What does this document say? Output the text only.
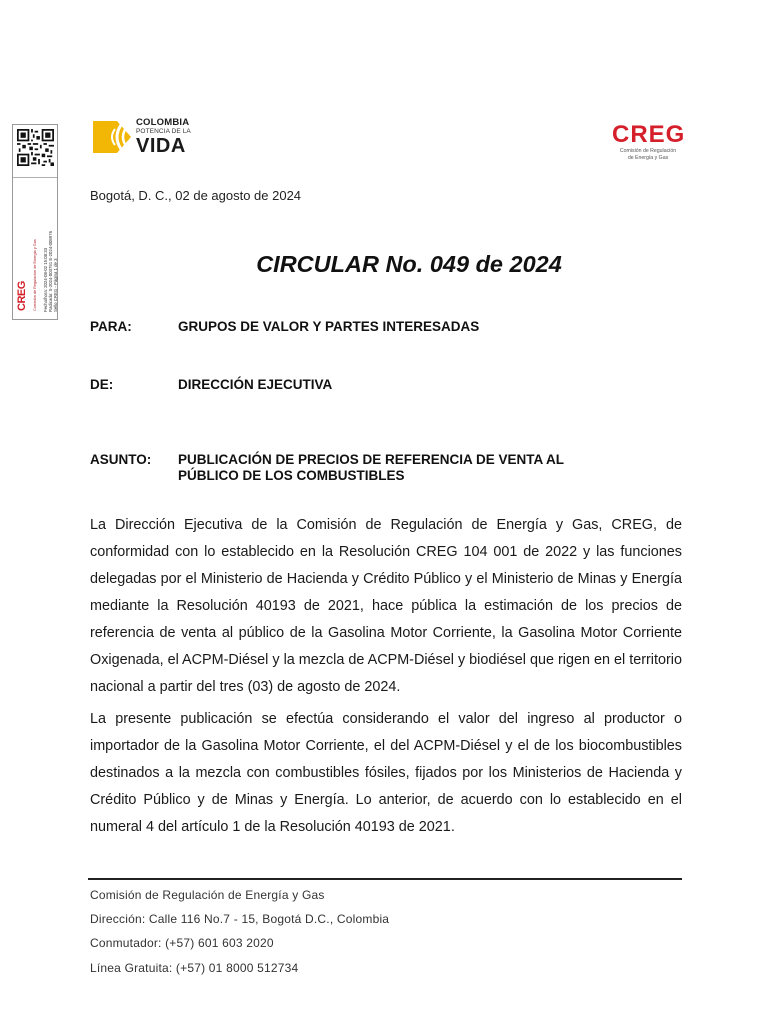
Fecha/hora: 2024-08-02 15:08:33 Radicado: S-2024-003751 E-2024-008976 Sello CREG - Página 1 de 3
CREG Comisión de Regulación de Energía y Gas
COLOMBIA
POTENCIA DE LA
VIDA	CREG
Comisión de Regulación
de Energía y Gas
Bogotá, D. C., 02 de agosto de 2024
CIRCULAR No. 049 de 2024
PARA:	GRUPOS DE VALOR Y PARTES INTERESADAS
DE:	DIRECCIÓN EJECUTIVA
ASUNTO: PUBLICACIÓN DE PRECIOS DE REFERENCIA DE VENTA AL
PÚBLICO DE LOS COMBUSTIBLES
La Dirección Ejecutiva de la Comisión de Regulación de Energía y Gas, CREG, de conformidad con lo establecido en la Resolución CREG 104 001 de 2022 y las funciones delegadas por el Ministerio de Hacienda y Crédito Público y el Ministerio de Minas y Energía mediante la Resolución 40193 de 2021, hace pública la estimación de los precios de referencia de venta al público de la Gasolina Motor Corriente, la Gasolina Motor Corriente Oxigenada, el ACPM-Diésel y la mezcla de ACPM-Diésel y biodiésel que rigen en el territorio nacional a partir del tres (03) de agosto de 2024.
La presente publicación se efectúa considerando el valor del ingreso al productor o importador de la Gasolina Motor Corriente, el del ACPM-Diésel y el de los biocombustibles destinados a la mezcla con combustibles fósiles, fijados por los Ministerios de Hacienda y Crédito Público y de Minas y Energía. Lo anterior, de acuerdo con lo establecido en el numeral 4 del artículo 1 de la Resolución 40193 de 2021.
Comisión de Regulación de Energía y Gas
Dirección: Calle 116 No.7 - 15, Bogotá D.C., Colombia
Conmutador: (+57) 601 603 2020
Línea Gratuita: (+57) 01 8000 512734
